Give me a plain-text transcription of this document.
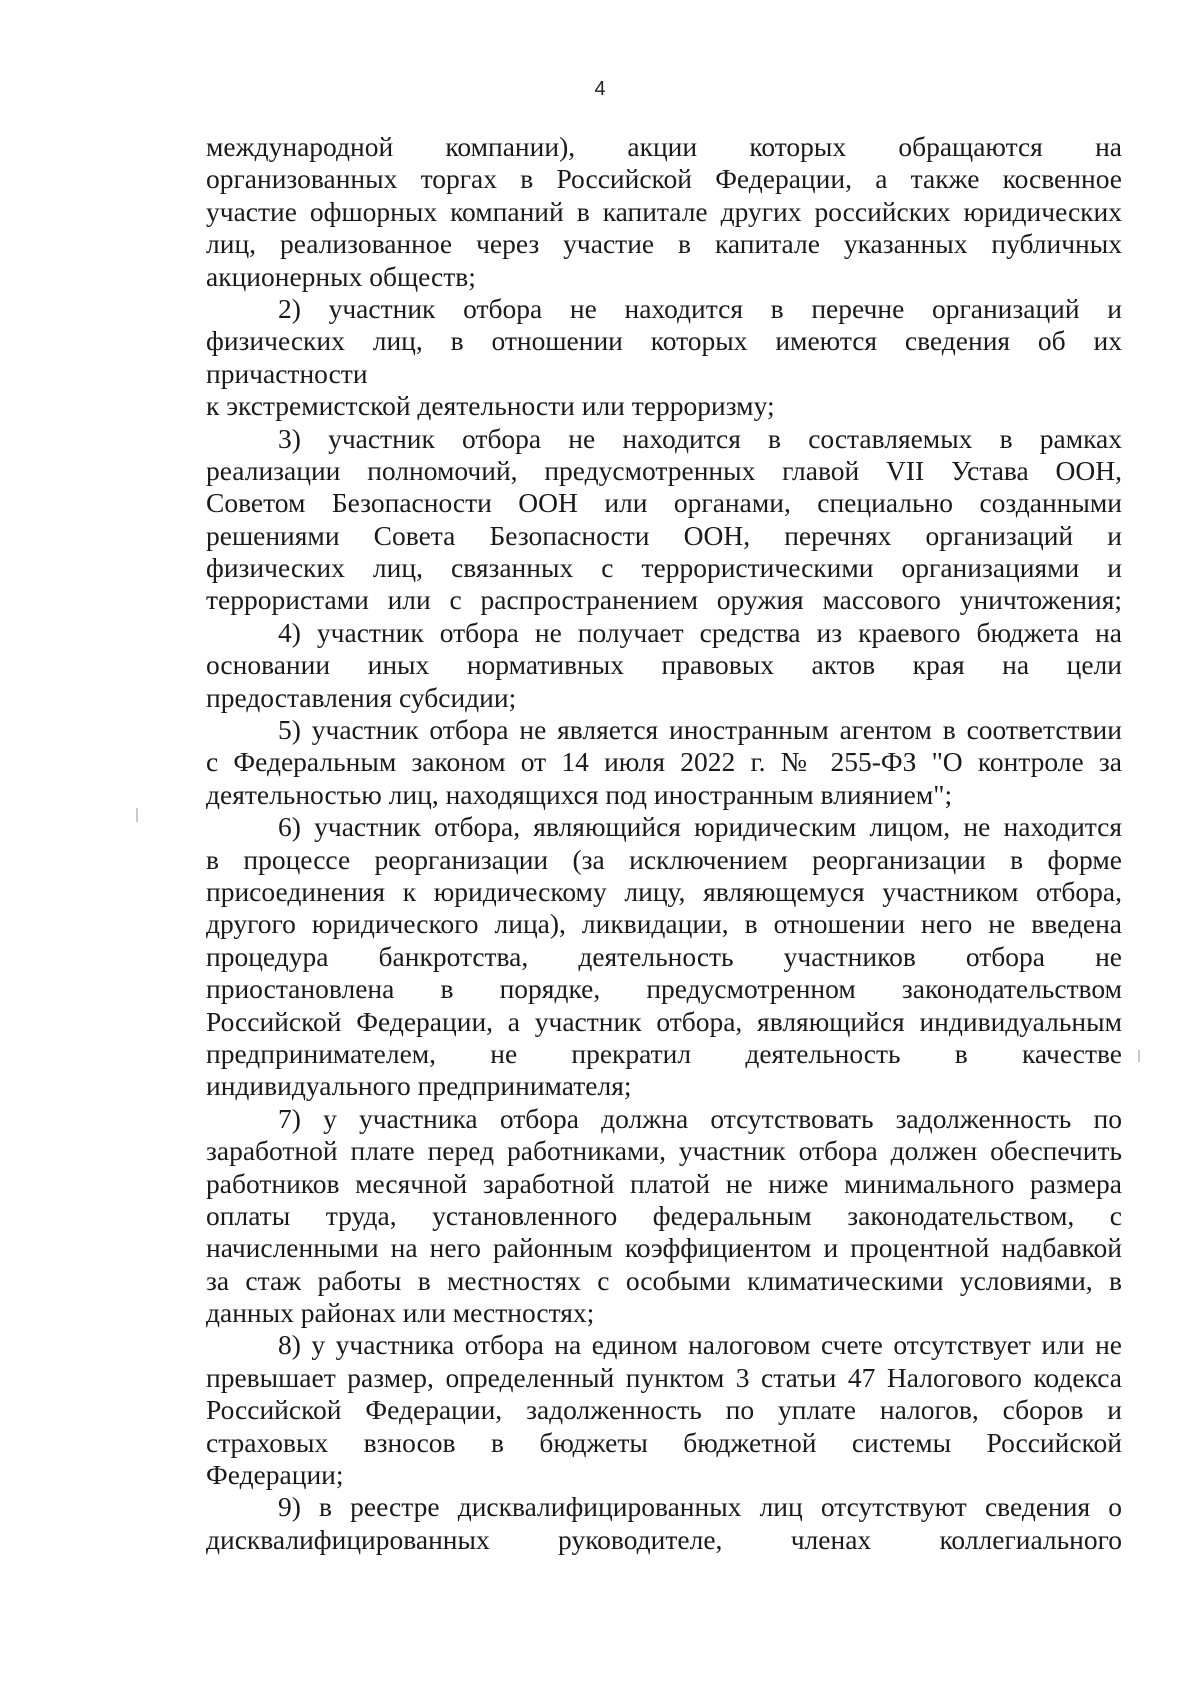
4
международной компании), акции которых обращаются на
организованных торгах в Российской Федерации, а также косвенное
участие офшорных компаний в капитале других российских юридических
лиц, реализованное через участие в капитале указанных публичных
акционерных обществ;
2) участник отбора не находится в перечне организаций и
физических лиц, в отношении которых имеются сведения об их
причастности
к экстремистской деятельности или терроризму;
3) участник отбора не находится в составляемых в рамках
реализации полномочий, предусмотренных главой VII Устава ООН,
Советом Безопасности ООН или органами, специально созданными
решениями Совета Безопасности ООН, перечнях организаций и
физических лиц, связанных с террористическими организациями и
террористами или с распространением оружия массового уничтожения;
4) участник отбора не получает средства из краевого бюджета на
основании иных нормативных правовых актов края на цели
предоставления субсидии;
5) участник отбора не является иностранным агентом в соответствии
с Федеральным законом от 14 июля 2022 г. № 255-ФЗ "О контроле за
деятельностью лиц, находящихся под иностранным влиянием";
6) участник отбора, являющийся юридическим лицом, не находится
в процессе реорганизации (за исключением реорганизации в форме
присоединения к юридическому лицу, являющемуся участником отбора,
другого юридического лица), ликвидации, в отношении него не введена
процедура банкротства, деятельность участников отбора не
приостановлена в порядке, предусмотренном законодательством
Российской Федерации, а участник отбора, являющийся индивидуальным
предпринимателем, не прекратил деятельность в качестве
индивидуального предпринимателя;
7) у участника отбора должна отсутствовать задолженность по
заработной плате перед работниками, участник отбора должен обеспечить
работников месячной заработной платой не ниже минимального размера
оплаты труда, установленного федеральным законодательством, с
начисленными на него районным коэффициентом и процентной надбавкой
за стаж работы в местностях с особыми климатическими условиями, в
данных районах или местностях;
8) у участника отбора на едином налоговом счете отсутствует или не
превышает размер, определенный пунктом 3 статьи 47 Налогового кодекса
Российской Федерации, задолженность по уплате налогов, сборов и
страховых взносов в бюджеты бюджетной системы Российской
Федерации;
9) в реестре дисквалифицированных лиц отсутствуют сведения о
дисквалифицированных руководителе, членах коллегиального
